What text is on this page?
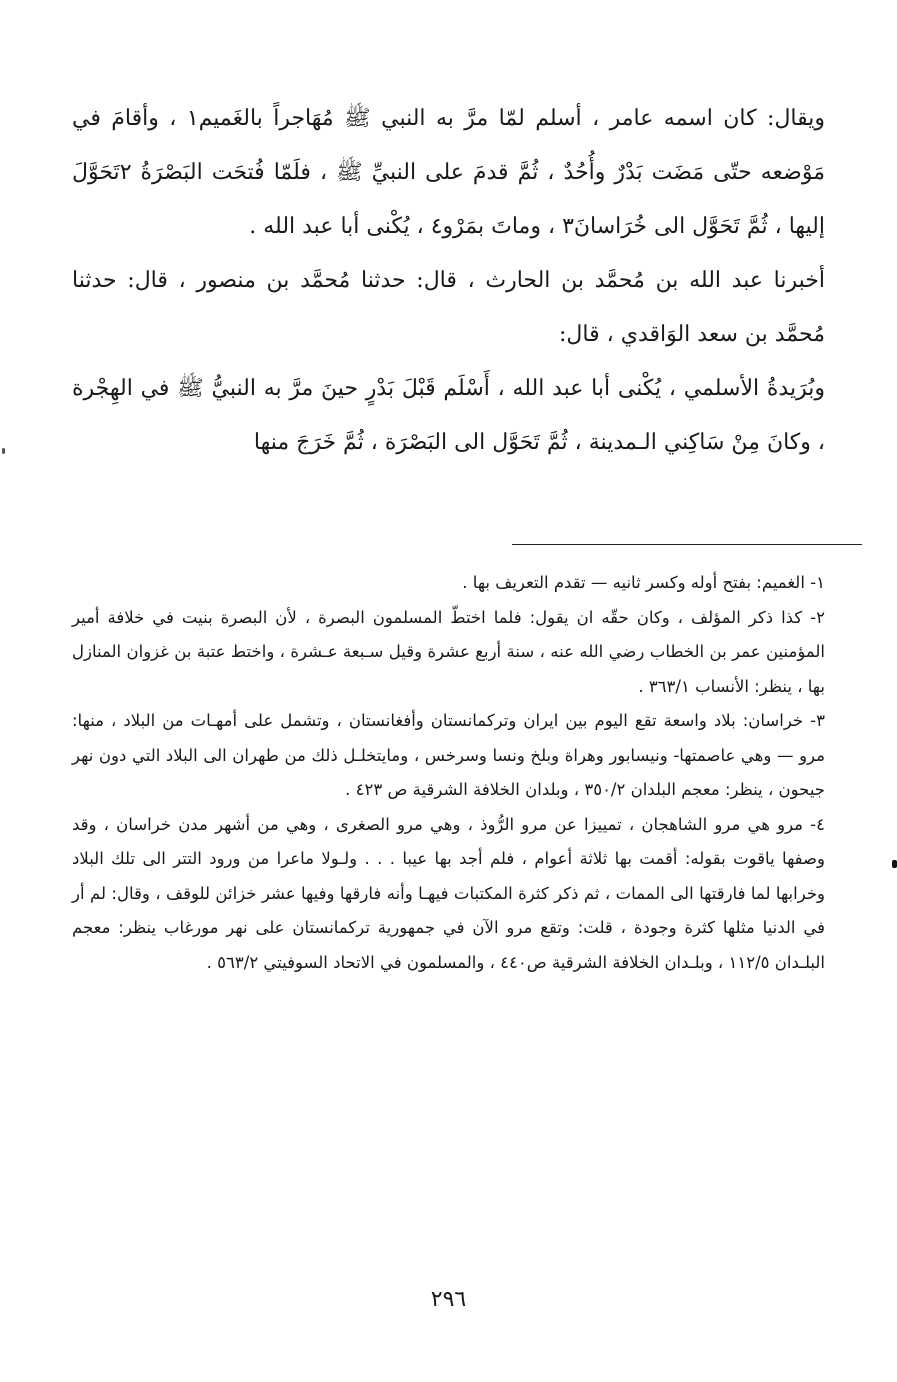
ويقال: كان اسمه عامر ، أسلم لمّا مرَّ به النبي ﷺ مُهَاجراً بالغَميم١ ، وأقامَ في مَوْضعه حتّى مَضَت بَدْرٌ وأُحُدٌ ، ثُمَّ قدمَ على النبيِّ ﷺ ، فلَمّا فُتحَت البَصْرَةُ ٢تَحَوَّلَ إليها ، ثُمَّ تَحَوَّل الى خُرَاسانَ٣ ، وماتَ بمَرْو٤ ، يُكْنى أبا عبد الله .

أخبرنا عبد الله بن مُحمَّد بن الحارث ، قال: حدثنا مُحمَّد بن منصور ، قال: حدثنا مُحمَّد بن سعد الوَاقدي ، قال:

وبُرَيدةُ الأسلمي ، يُكْنى أبا عبد الله ، أَسْلَم قَبْلَ بَدْرٍ حينَ مرَّ به النبيُّ ﷺ في الهِجْرة ، وكانَ مِنْ سَاكِني الـمدينة ، ثُمَّ تَحَوَّل الى البَصْرَة ، ثُمَّ خَرَجَ منها

١- الغميم: بفتح أوله وكسر ثانيه — تقدم التعريف بها .

٢- كذا ذكر المؤلف ، وكان حقّه ان يقول: فلما اختطّ المسلمون البصرة ، لأن البصرة بنيت في خلافة أمير المؤمنين عمر بن الخطاب رضي الله عنه ، سنة أربع عشرة وقيل سـبعة عـشرة ، واختط عتبة بن غزوان المنازل بها ، ينظر: الأنساب ٣٦٣/١ .

٣- خراسان: بلاد واسعة تقع اليوم بين ايران وتركمانستان وأفغانستان ، وتشمل على أمهـات من البلاد ، منها: مرو — وهي عاصمتها- ونيسابور وهراة وبلخ ونسا وسرخس ، ومايتخلـل ذلك من طهران الى البلاد التي دون نهر جيحون ، ينظر: معجم البلدان ٣٥٠/٢ ، وبلدان الخلافة الشرقية ص ٤٢٣ .

٤- مرو هي مرو الشاهجان ، تمييزا عن مرو الرُّوذ ، وهي مرو الصغرى ، وهي من أشهر مدن خراسان ، وقد وصفها ياقوت بقوله: أقمت بها ثلاثة أعوام ، فلم أجد بها عيبا . . . ولـولا ماعرا من ورود التتر الى تلك البلاد وخرابها لما فارقتها الى الممات ، ثم ذكر كثرة المكتبات فيهـا وأنه فارقها وفيها عشر خزائن للوقف ، وقال: لم أر في الدنيا مثلها كثرة وجودة ، قلت: وتقع مرو الآن في جمهورية تركمانستان على نهر مورغاب ينظر: معجم البلـدان ١١٢/٥ ، وبلـدان الخلافة الشرقية ص٤٤٠ ، والمسلمون في الاتحاد السوفيتي ٥٦٣/٢ .

٢٩٦
